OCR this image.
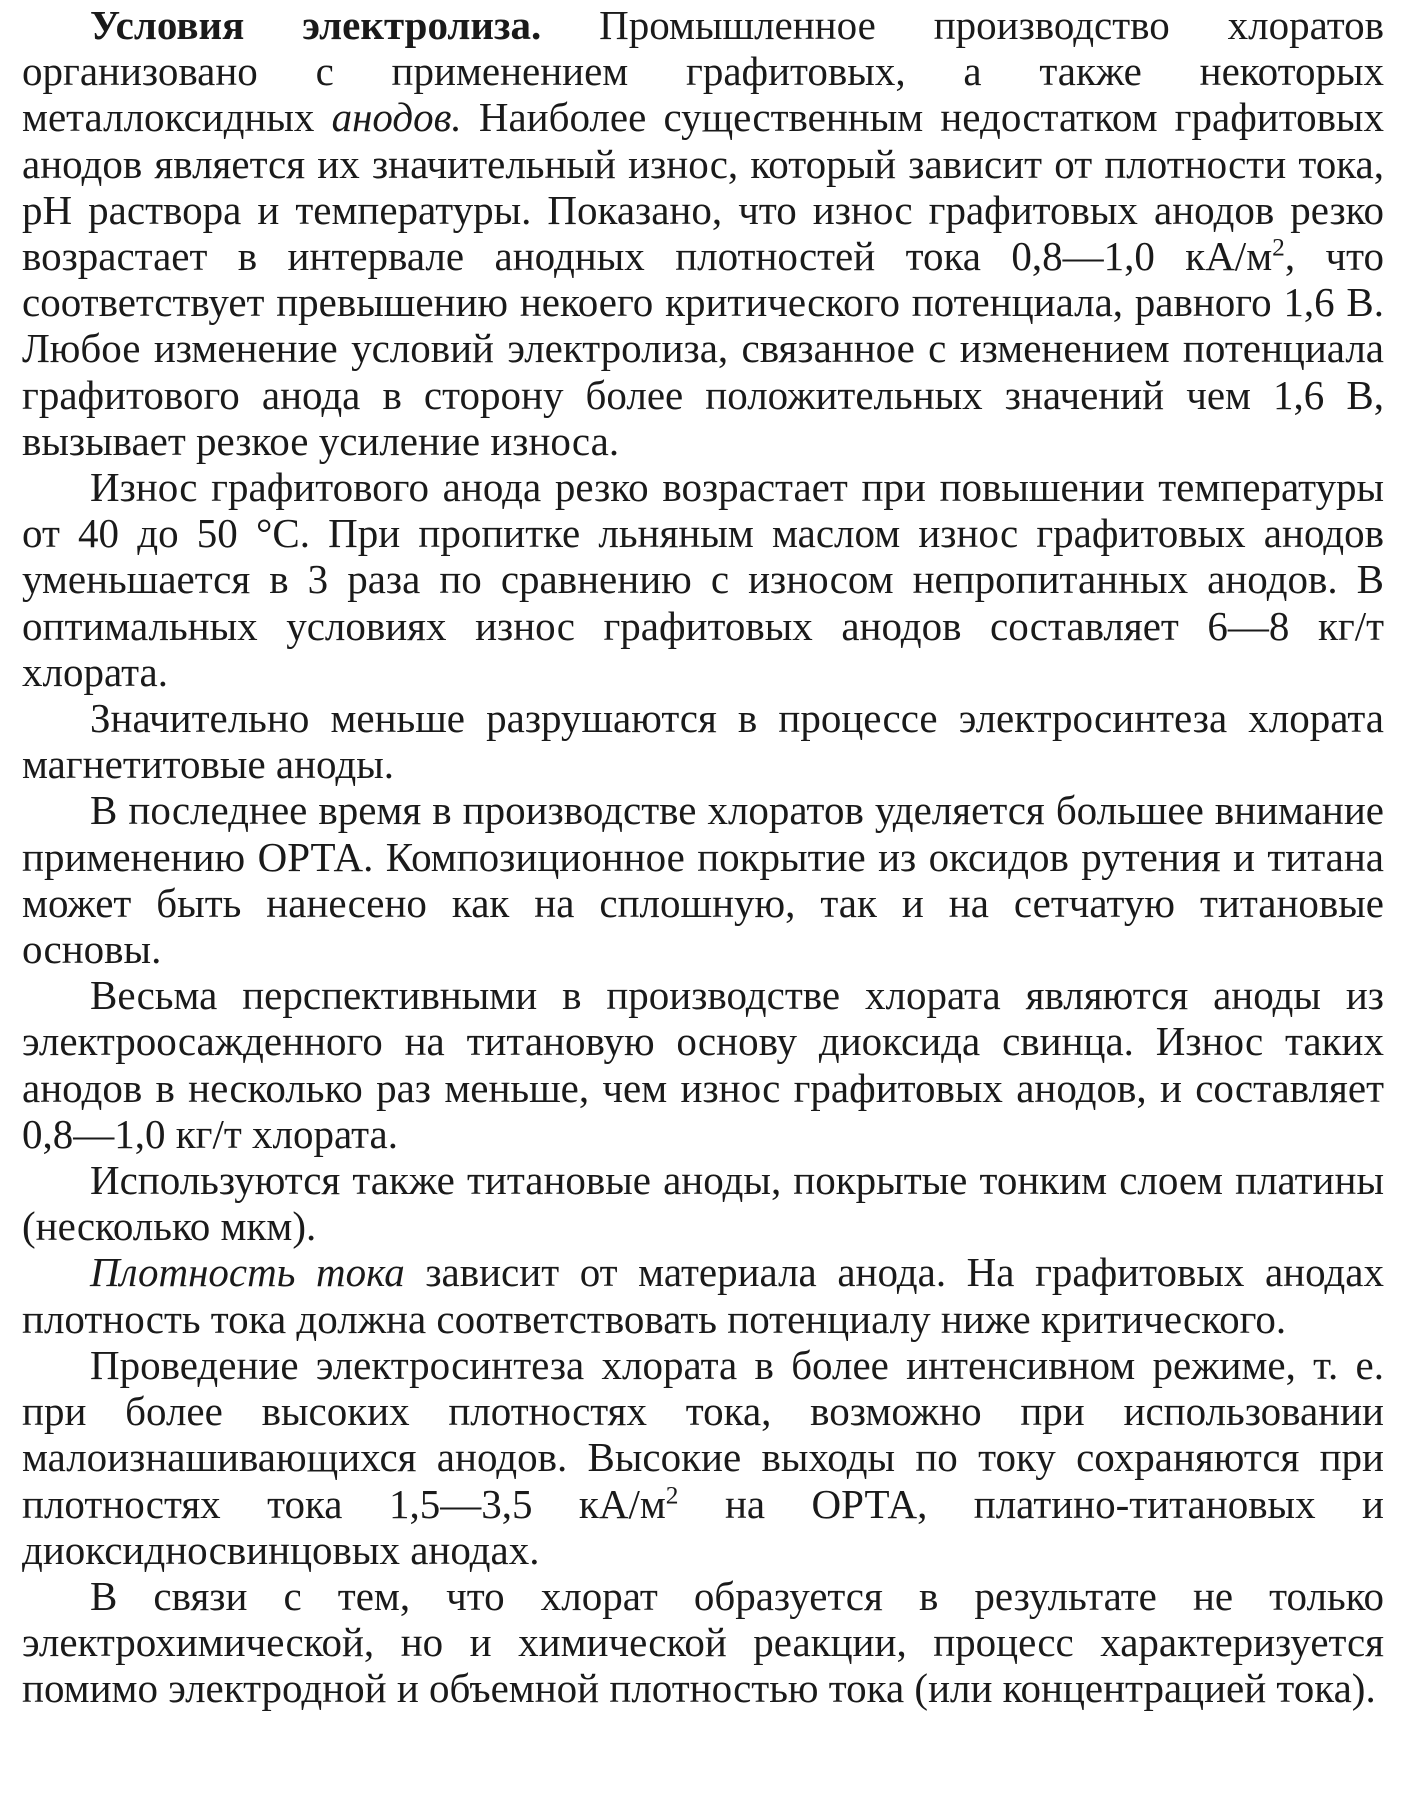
Условия электролиза. Промышленное производство хлоратов организовано с применением графитовых, а также некоторых металлоксидных анодов. Наиболее существенным недостатком графитовых анодов является их значительный износ, который зависит от плотности тока, pH раствора и температуры. Показано, что износ графитовых анодов резко возрастает в интервале анодных плотностей тока 0,8—1,0 $кА/м^2$, что соответствует превышению некоего критического потенциала, равного 1,6 В. Любое изменение условий электролиза, связанное с изменением потенциала графитового анода в сторону более положительных значений чем 1,6 В, вызывает резкое усиление износа.

Износ графитового анода резко возрастает при повышении температуры от 40 до 50 °С. При пропитке льняным маслом износ графитовых анодов уменьшается в 3 раза по сравнению с износом непропитанных анодов. В оптимальных условиях износ графитовых анодов составляет 6—8 кг/т хлората.

Значительно меньше разрушаются в процессе электросинтеза хлората магнетитовые аноды.

В последнее время в производстве хлоратов уделяется большее внимание применению ОРТА. Композиционное покрытие из оксидов рутения и титана может быть нанесено как на сплошную, так и на сетчатую титановые основы.

Весьма перспективными в производстве хлората являются аноды из электроосажденного на титановую основу диоксида свинца. Износ таких анодов в несколько раз меньше, чем износ графитовых анодов, и составляет 0,8—1,0 кг/т хлората.

Используются также титановые аноды, покрытые тонким слоем платины (несколько мкм).

Плотность тока зависит от материала анода. На графитовых анодах плотность тока должна соответствовать потенциалу ниже критического.

Проведение электросинтеза хлората в более интенсивном режиме, т. е. при более высоких плотностях тока, возможно при использовании малоизнашивающихся анодов. Высокие выходы по току сохраняются при плотностях тока 1,5—3,5 $кА/м^2$ на ОРТА, платино-титановых и диоксидносвинцовых анодах.

В связи с тем, что хлорат образуется в результате не только электрохимической, но и химической реакции, процесс характеризуется помимо электродной и объемной плотностью тока (или концентрацией тока).
